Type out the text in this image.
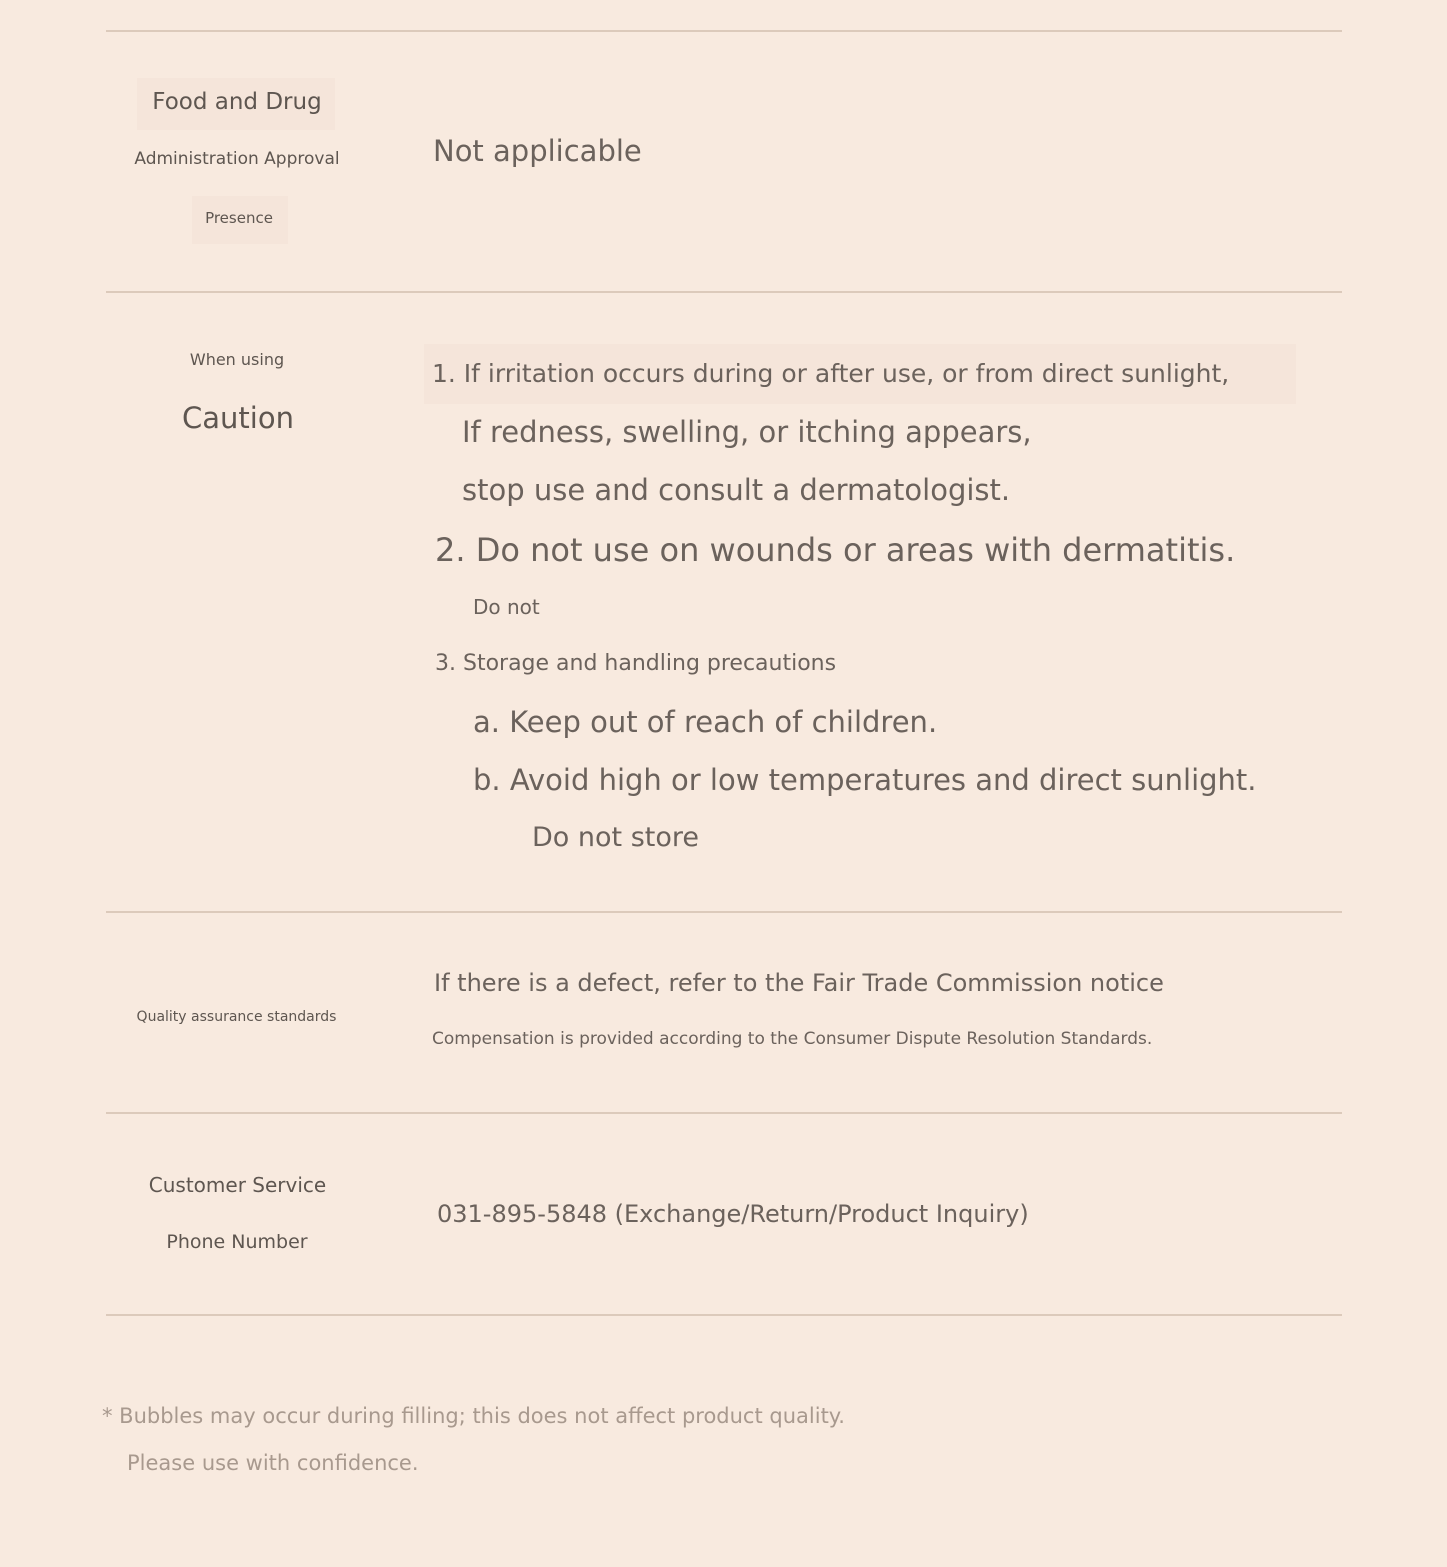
Food and Drug
Administration Approval
Presence
Not applicable
When using
Caution
1. If irritation occurs during or after use, or from direct sunlight,
If redness, swelling, or itching appears,
stop use and consult a dermatologist.
2. Do not use on wounds or areas with dermatitis.
Do not
3. Storage and handling precautions
a. Keep out of reach of children.
b. Avoid high or low temperatures and direct sunlight.
Do not store
Quality assurance standards
If there is a defect, refer to the Fair Trade Commission notice
Compensation is provided according to the Consumer Dispute Resolution Standards.
Customer Service
Phone Number
031-895-5848 (Exchange/Return/Product Inquiry)
* Bubbles may occur during filling; this does not affect product quality.
Please use with confidence.
